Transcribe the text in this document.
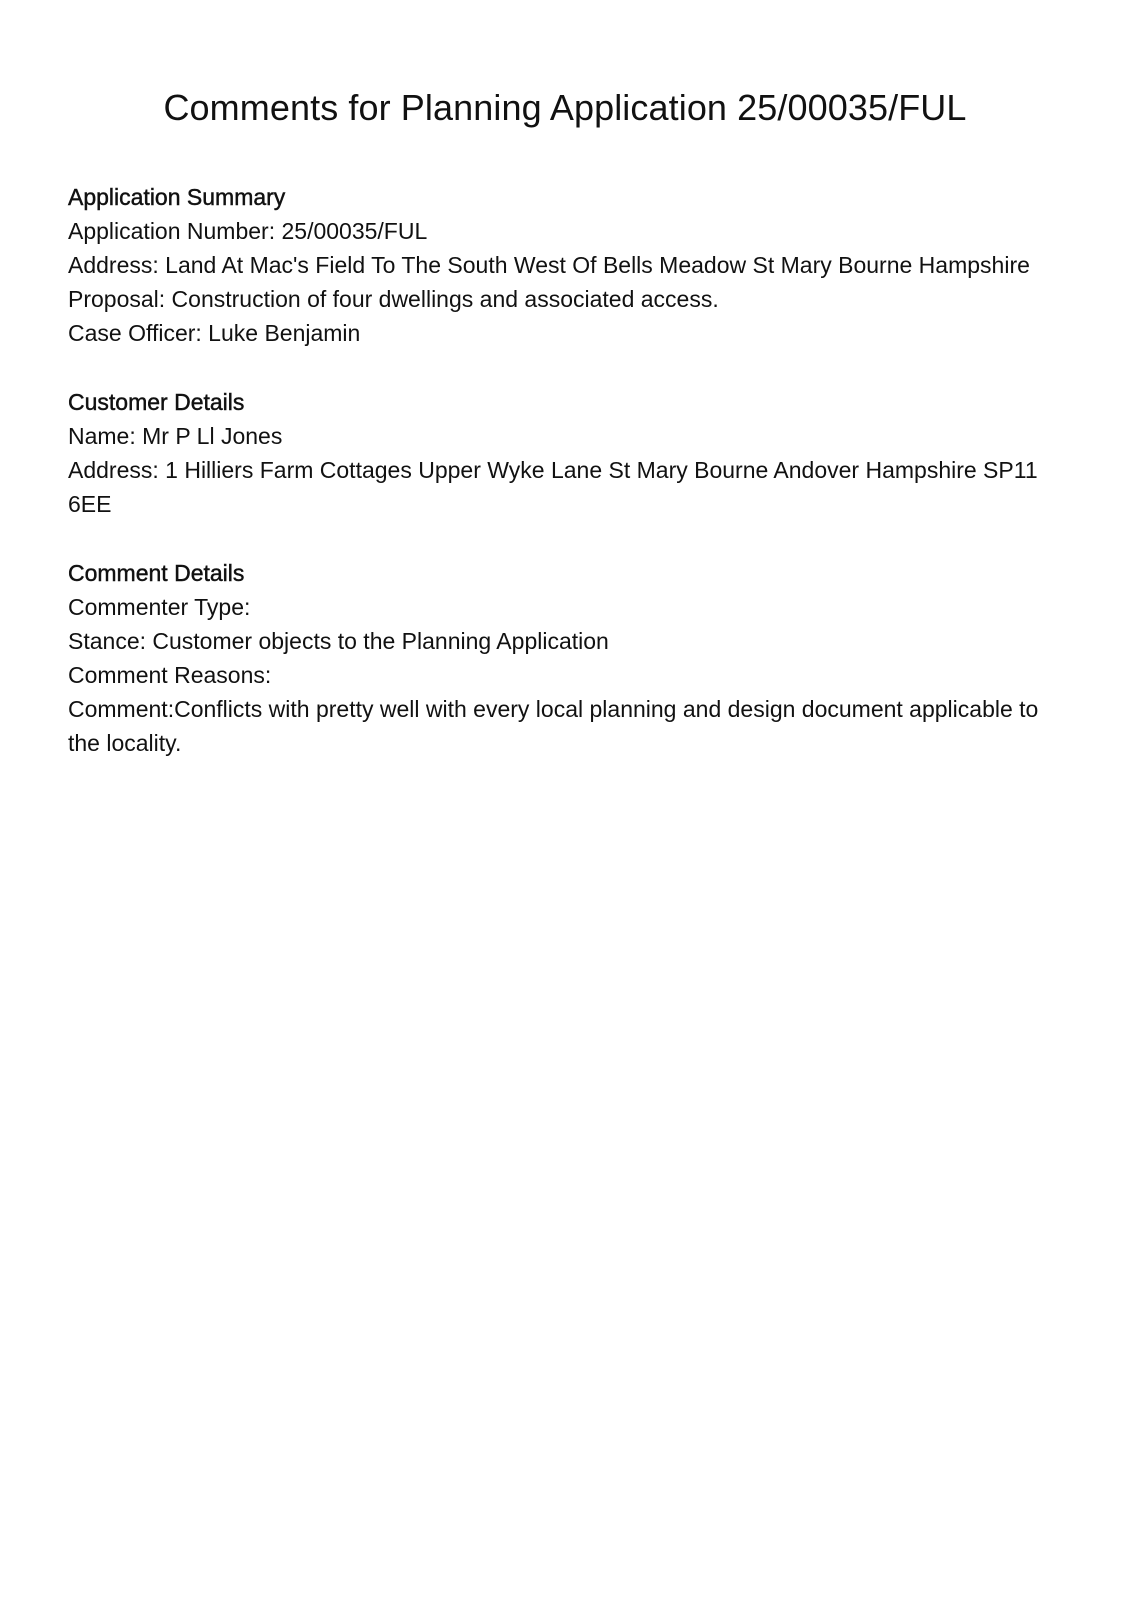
Comments for Planning Application 25/00035/FUL

Application Summary

Application Number: 25/00035/FUL

Address: Land At Mac's Field To The South West Of Bells Meadow St Mary Bourne Hampshire

Proposal: Construction of four dwellings and associated access.

Case Officer: Luke Benjamin

Customer Details

Name: Mr P Ll Jones

Address: 1 Hilliers Farm Cottages Upper Wyke Lane St Mary Bourne Andover Hampshire SP11

6EE

Comment Details

Commenter Type:

Stance: Customer objects to the Planning Application

Comment Reasons:

Comment:Conflicts with pretty well with every local planning and design document applicable to

the locality.
